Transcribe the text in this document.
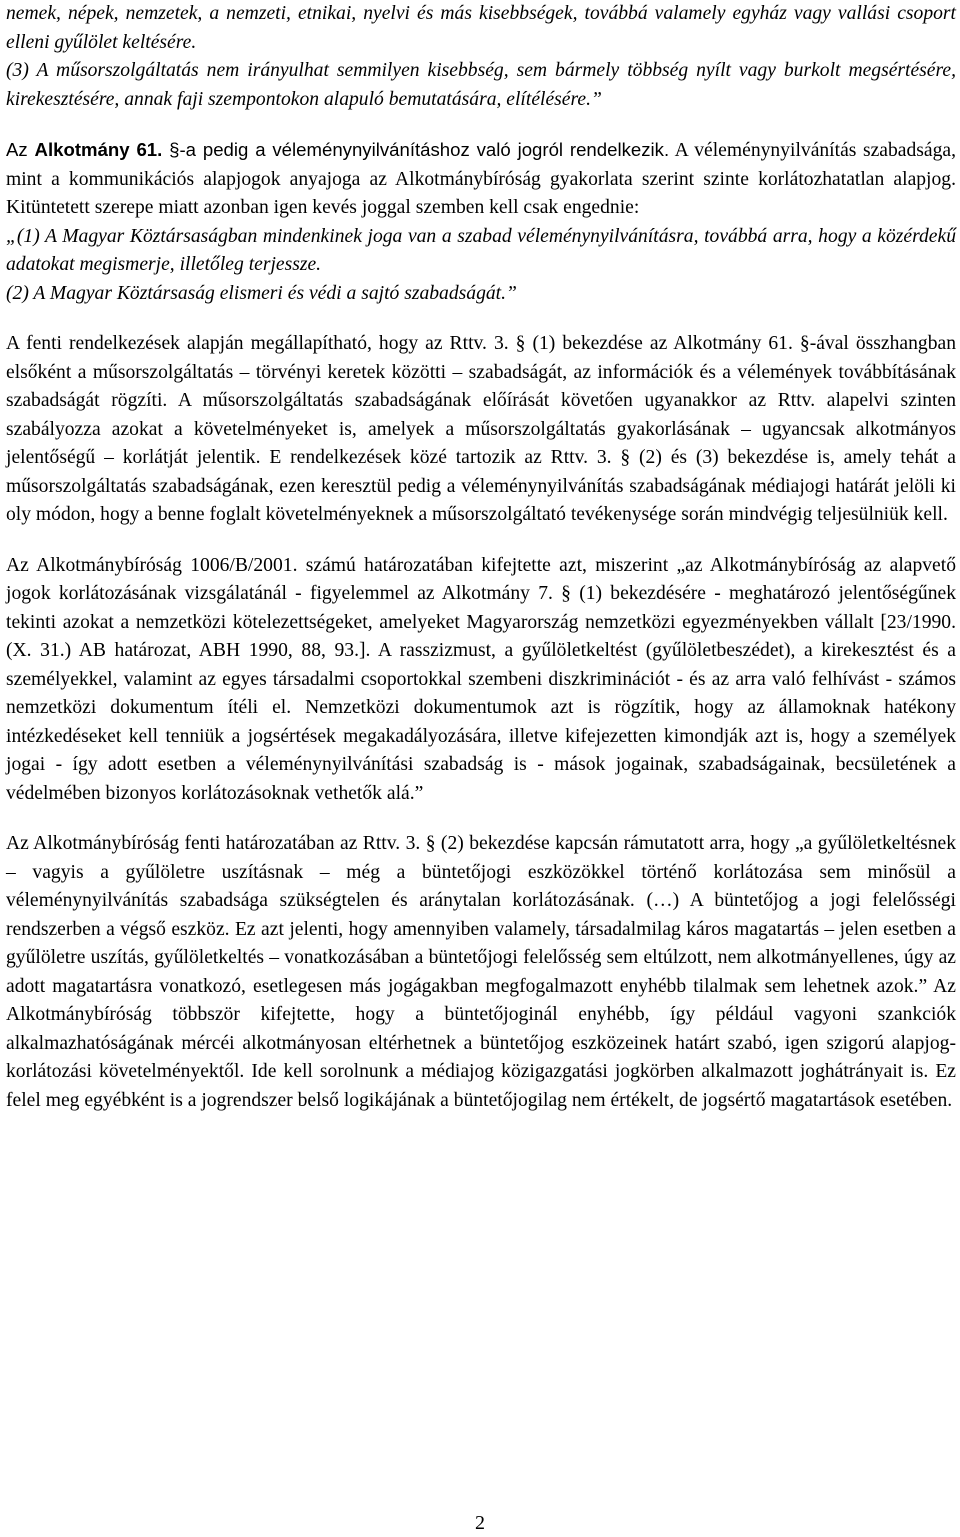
nemek, népek, nemzetek, a nemzeti, etnikai, nyelvi és más kisebbségek, továbbá valamely egyház vagy vallási csoport elleni gyűlölet keltésére.
(3) A műsorszolgáltatás nem irányulhat semmilyen kisebbség, sem bármely többség nyílt vagy burkolt megsértésére, kirekesztésére, annak faji szempontokon alapuló bemutatására, elítélésére.”

Az Alkotmány 61. §-a pedig a véleménynyilvánításhoz való jogról rendelkezik. A véleménynyilvánítás szabadsága, mint a kommunikációs alapjogok anyajoga az Alkotmánybíróság gyakorlata szerint szinte korlátozhatatlan alapjog. Kitüntetett szerepe miatt azonban igen kevés joggal szemben kell csak engednie:
„(1) A Magyar Köztársaságban mindenkinek joga van a szabad véleménynyilvánításra, továbbá arra, hogy a közérdekű adatokat megismerje, illetőleg terjessze.
(2) A Magyar Köztársaság elismeri és védi a sajtó szabadságát.”

A fenti rendelkezések alapján megállapítható, hogy az Rttv. 3. § (1) bekezdése az Alkotmány 61. §-ával összhangban elsőként a műsorszolgáltatás – törvényi keretek közötti – szabadságát, az információk és a vélemények továbbításának szabadságát rögzíti. A műsorszolgáltatás szabadságának előírását követően ugyanakkor az Rttv. alapelvi szinten szabályozza azokat a követelményeket is, amelyek a műsorszolgáltatás gyakorlásának – ugyancsak alkotmányos jelentőségű – korlátját jelentik. E rendelkezések közé tartozik az Rttv. 3. § (2) és (3) bekezdése is, amely tehát a műsorszolgáltatás szabadságának, ezen keresztül pedig a véleménynyilvánítás szabadságának médiajogi határát jelöli ki oly módon, hogy a benne foglalt követelményeknek a műsorszolgáltató tevékenysége során mindvégig teljesülniük kell.

Az Alkotmánybíróság 1006/B/2001. számú határozatában kifejtette azt, miszerint „az Alkotmánybíróság az alapvető jogok korlátozásának vizsgálatánál - figyelemmel az Alkotmány 7. § (1) bekezdésére - meghatározó jelentőségűnek tekinti azokat a nemzetközi kötelezettségeket, amelyeket Magyarország nemzetközi egyezményekben vállalt [23/1990. (X. 31.) AB határozat, ABH 1990, 88, 93.]. A rasszizmust, a gyűlöletkeltést (gyűlöletbeszédet), a kirekesztést és a személyekkel, valamint az egyes társadalmi csoportokkal szembeni diszkriminációt - és az arra való felhívást - számos nemzetközi dokumentum ítéli el. Nemzetközi dokumentumok azt is rögzítik, hogy az államoknak hatékony intézkedéseket kell tenniük a jogsértések megakadályozására, illetve kifejezetten kimondják azt is, hogy a személyek jogai - így adott esetben a véleménynyilvánítási szabadság is - mások jogainak, szabadságainak, becsületének a védelmében bizonyos korlátozásoknak vethetők alá.”

Az Alkotmánybíróság fenti határozatában az Rttv. 3. § (2) bekezdése kapcsán rámutatott arra, hogy „a gyűlöletkeltésnek – vagyis a gyűlöletre uszításnak – még a büntetőjogi eszközökkel történő korlátozása sem minősül a véleménynyilvánítás szabadsága szükségtelen és aránytalan korlátozásának. (…) A büntetőjog a jogi felelősségi rendszerben a végső eszköz. Ez azt jelenti, hogy amennyiben valamely, társadalmilag káros magatartás – jelen esetben a gyűlöletre uszítás, gyűlöletkeltés – vonatkozásában a büntetőjogi felelősség sem eltúlzott, nem alkotmányellenes, úgy az adott magatartásra vonatkozó, esetlegesen más jogágakban megfogalmazott enyhébb tilalmak sem lehetnek azok.” Az Alkotmánybíróság többször kifejtette, hogy a büntetőjoginál enyhébb, így például vagyoni szankciók alkalmazhatóságának mércéi alkotmányosan eltérhetnek a büntetőjog eszközeinek határt szabó, igen szigorú alapjog-korlátozási követelményektől. Ide kell sorolnunk a médiajog közigazgatási jogkörben alkalmazott joghátrányait is. Ez felel meg egyébként is a jogrendszer belső logikájának a büntetőjogilag nem értékelt, de jogsértő magatartások esetében.

2
